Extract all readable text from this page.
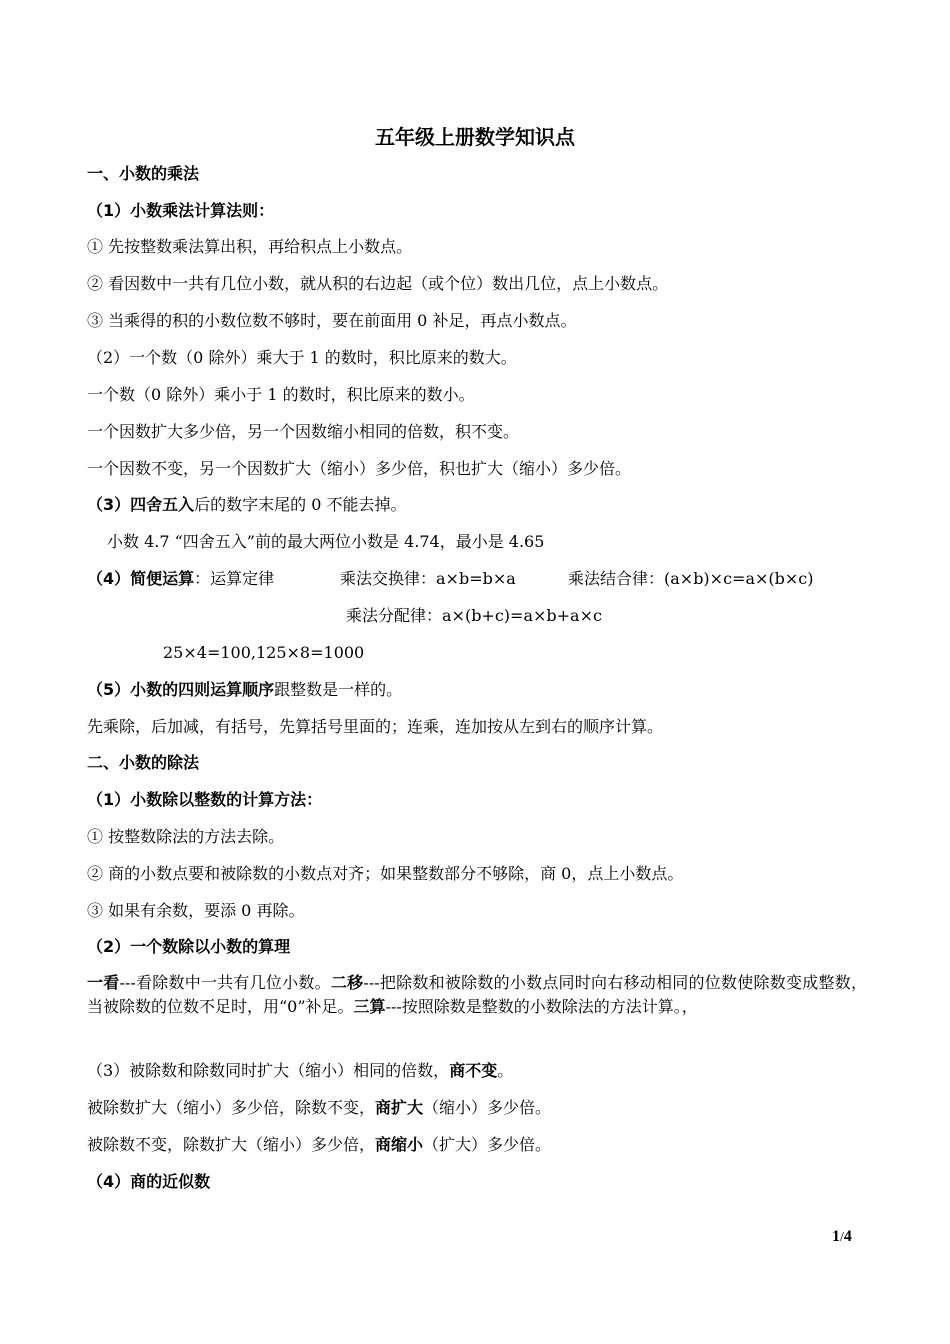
五年级上册数学知识点
一、小数的乘法
（1）小数乘法计算法则：
① 先按整数乘法算出积，再给积点上小数点。
② 看因数中一共有几位小数，就从积的右边起（或个位）数出几位，点上小数点。
③ 当乘得的积的小数位数不够时，要在前面用 0 补足，再点小数点。
（2）一个数（0 除外）乘大于 1 的数时，积比原来的数大。
一个数（0 除外）乘小于 1 的数时，积比原来的数小。
一个因数扩大多少倍，另一个因数缩小相同的倍数，积不变。
一个因数不变，另一个因数扩大（缩小）多少倍，积也扩大（缩小）多少倍。
（3）四舍五入后的数字末尾的 0 不能去掉。
小数 4.7 “四舍五入”前的最大两位小数是 4.74，最小是 4.65
（4）简便运算：运算定律	乘法交换律：a×b=b×a	乘法结合律：(a×b)×c=a×(b×c)
乘法分配律：a×(b+c)=a×b+a×c
25×4=100,125×8=1000
（5）小数的四则运算顺序跟整数是一样的。
先乘除，后加减，有括号，先算括号里面的；连乘，连加按从左到右的顺序计算。
二、小数的除法
（1）小数除以整数的计算方法：
① 按整数除法的方法去除。
② 商的小数点要和被除数的小数点对齐；如果整数部分不够除，商 0，点上小数点。
③ 如果有余数，要添 0 再除。
（2）一个数除以小数的算理
一看---看除数中一共有几位小数。二移---把除数和被除数的小数点同时向右移动相同的位数使除数变成整数，当被除数的位数不足时，用“0”补足。三算---按照除数是整数的小数除法的方法计算。，
（3）被除数和除数同时扩大（缩小）相同的倍数，商不变。
被除数扩大（缩小）多少倍，除数不变，商扩大（缩小）多少倍。
被除数不变，除数扩大（缩小）多少倍，商缩小（扩大）多少倍。
（4）商的近似数
1/4
